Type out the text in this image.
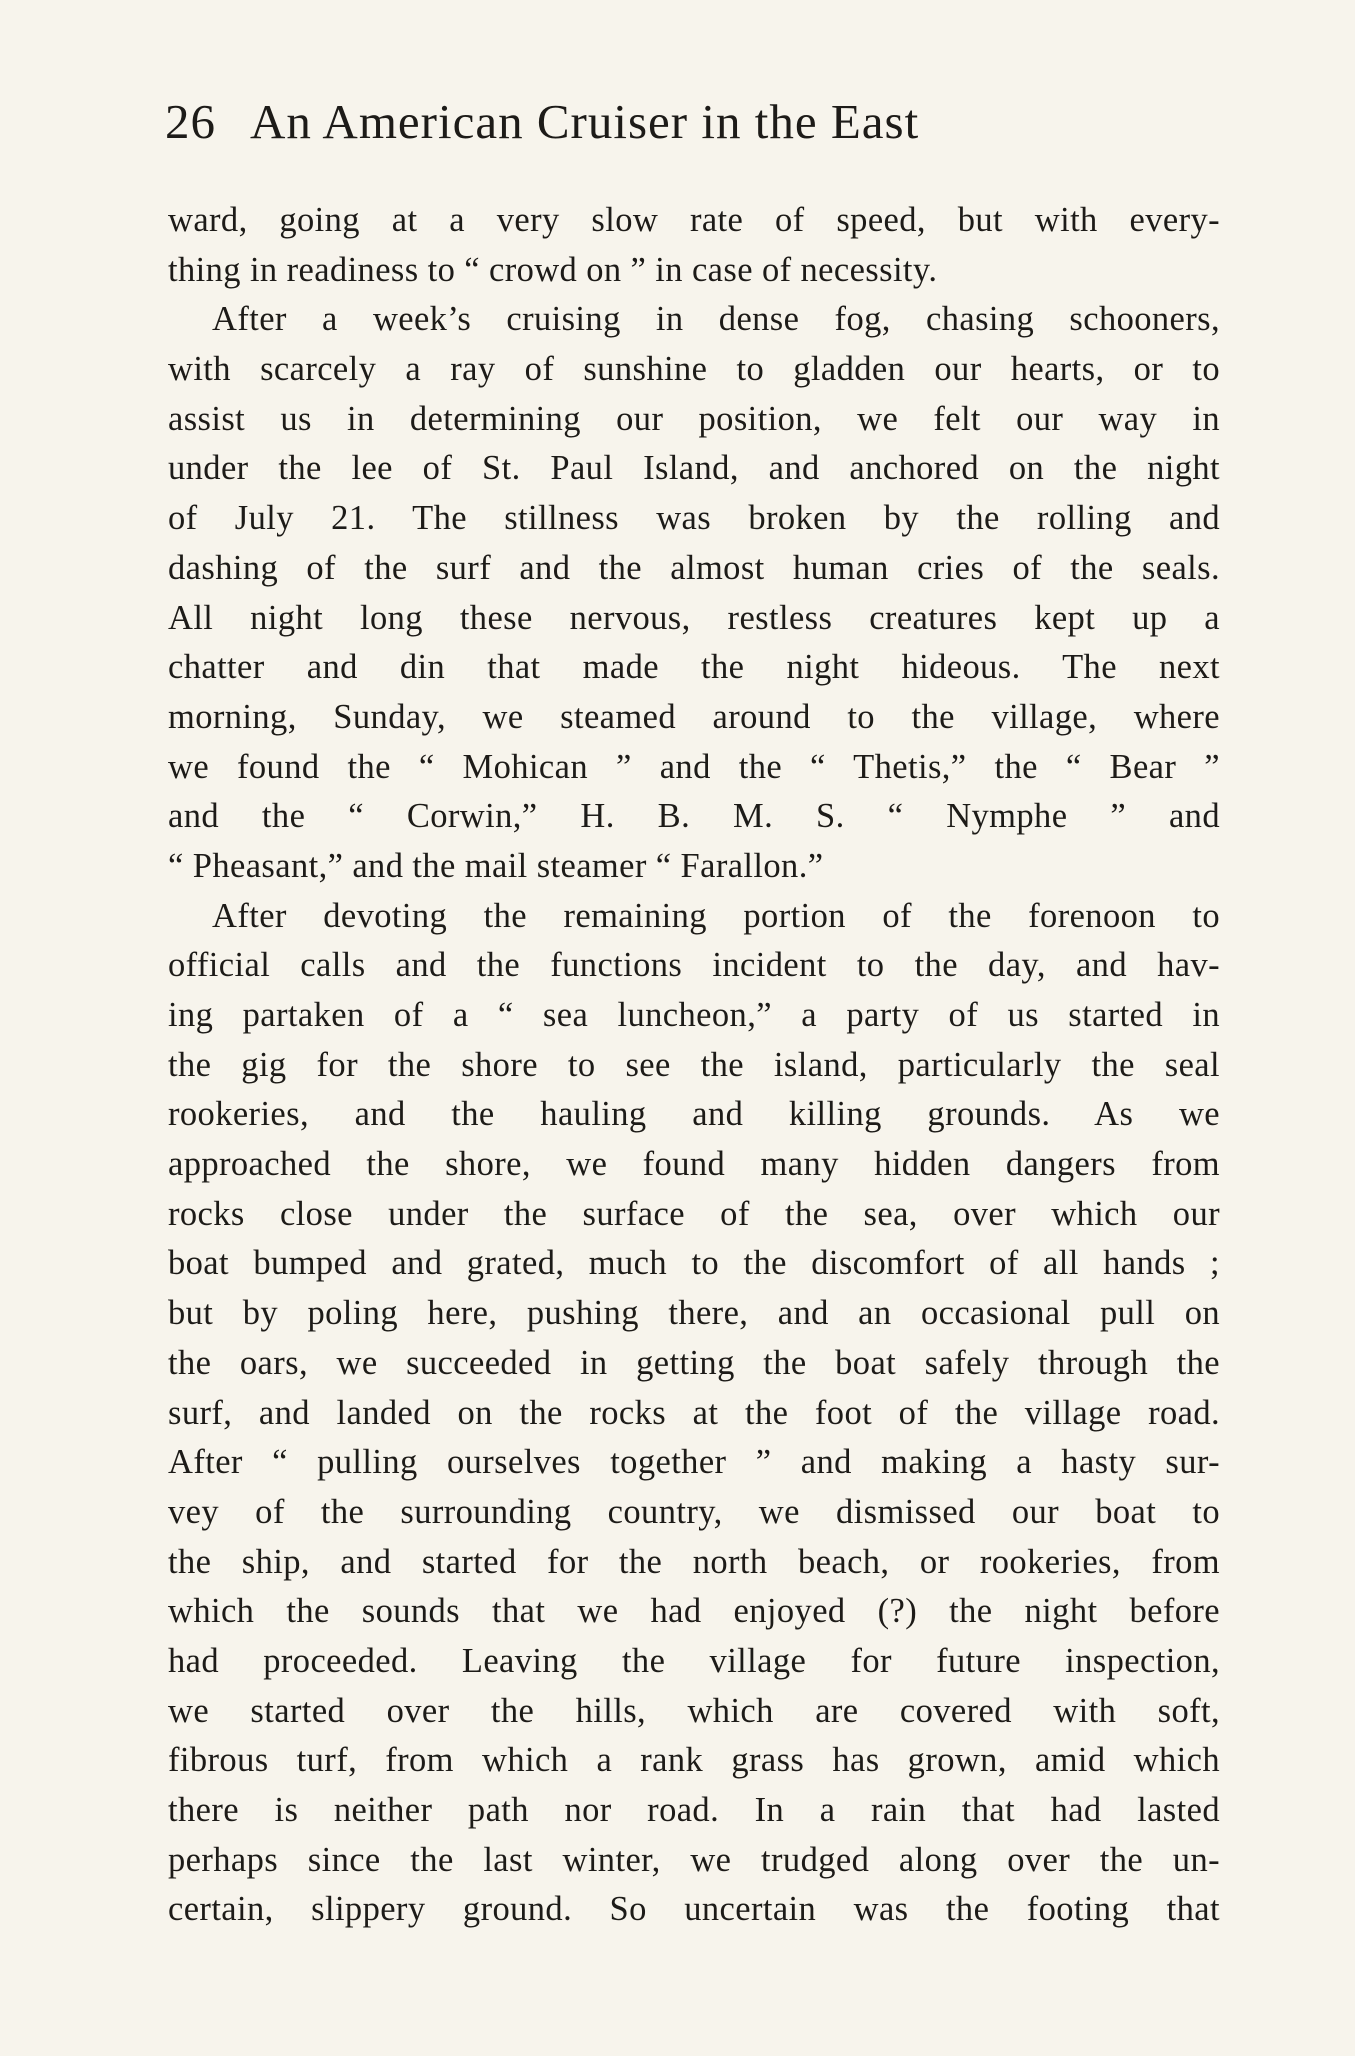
26 An American Cruiser in the East
ward, going at a very slow rate of speed, but with every-
thing in readiness to “ crowd on ” in case of necessity.
After a week’s cruising in dense fog, chasing schooners,
with scarcely a ray of sunshine to gladden our hearts, or to
assist us in determining our position, we felt our way in
under the lee of St. Paul Island, and anchored on the night
of July 21. The stillness was broken by the rolling and
dashing of the surf and the almost human cries of the seals.
All night long these nervous, restless creatures kept up a
chatter and din that made the night hideous. The next
morning, Sunday, we steamed around to the village, where
we found the “ Mohican ” and the “ Thetis,” the “ Bear ”
and the “ Corwin,” H. B. M. S. “ Nymphe ” and
“ Pheasant,” and the mail steamer “ Farallon.”
After devoting the remaining portion of the forenoon to
official calls and the functions incident to the day, and hav-
ing partaken of a “ sea luncheon,” a party of us started in
the gig for the shore to see the island, particularly the seal
rookeries, and the hauling and killing grounds. As we
approached the shore, we found many hidden dangers from
rocks close under the surface of the sea, over which our
boat bumped and grated, much to the discomfort of all hands ;
but by poling here, pushing there, and an occasional pull on
the oars, we succeeded in getting the boat safely through the
surf, and landed on the rocks at the foot of the village road.
After “ pulling ourselves together ” and making a hasty sur-
vey of the surrounding country, we dismissed our boat to
the ship, and started for the north beach, or rookeries, from
which the sounds that we had enjoyed (?) the night before
had proceeded. Leaving the village for future inspection,
we started over the hills, which are covered with soft,
fibrous turf, from which a rank grass has grown, amid which
there is neither path nor road. In a rain that had lasted
perhaps since the last winter, we trudged along over the un-
certain, slippery ground. So uncertain was the footing that
